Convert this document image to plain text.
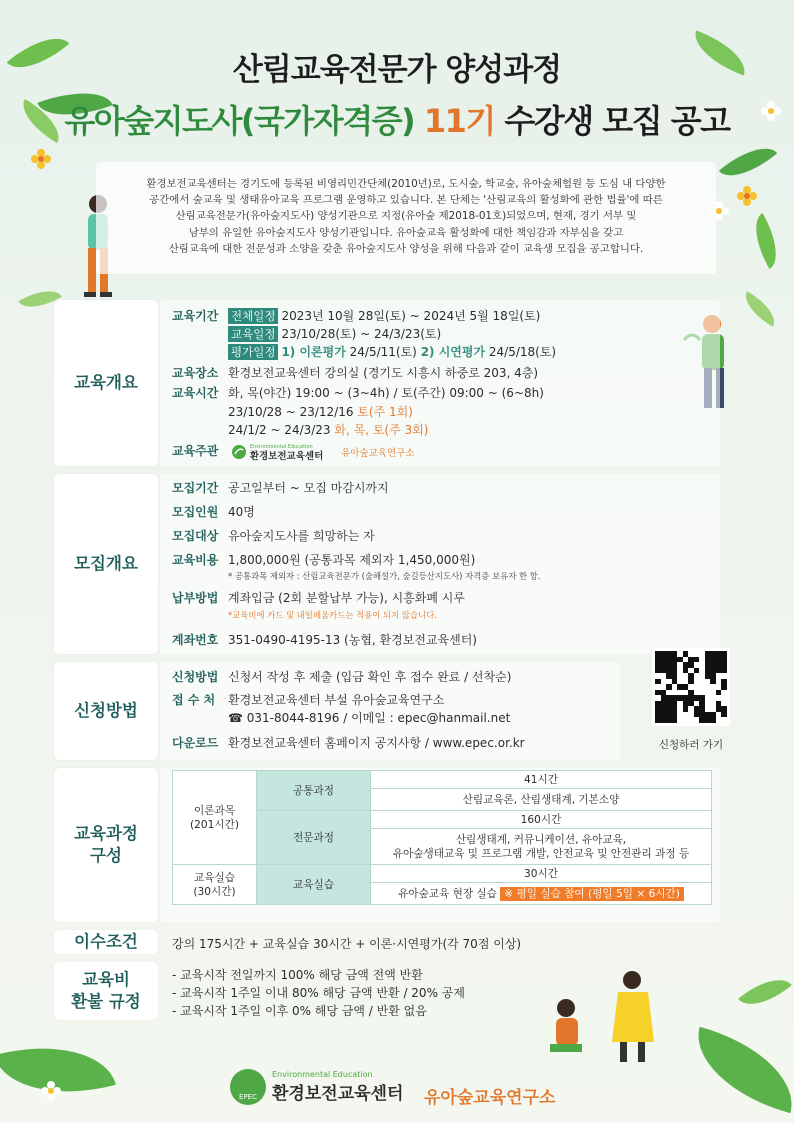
산림교육전문가 양성과정
유아숲지도사(국가자격증) 11기 수강생 모집 공고
환경보전교육센터는 경기도에 등록된 비영리민간단체(2010년)로, 도시숲, 학교숲, 유아숲체험원 등 도심 내 다양한
공간에서 숲교육 및 생태유아교육 프로그램 운영하고 있습니다. 본 단체는 '산림교육의 활성화에 관한 법률'에 따른
산림교육전문가(유아숲지도사) 양성기관으로 지정(유아숲 제2018-01호)되었으며, 현재, 경기 서부 및
남부의 유일한 유아숲지도사 양성기관입니다. 유아숲교육 활성화에 대한 책임감과 자부심을 갖고
산림교육에 대한 전문성과 소양을 갖춘 유아숲지도사 양성을 위해 다음과 같이 교육생 모집을 공고합니다.
교육개요
교육기간 전체일정 2023년 10월 28일(토) ~ 2024년 5월 18일(토)
교육일정 23/10/28(토) ~ 24/3/23(토)
평가일정 1) 이론평가 24/5/11(토) 2) 시연평가 24/5/18(토)
교육장소 환경보전교육센터 강의실 (경기도 시흥시 하중로 203, 4층)
교육시간 화, 목(야간) 19:00 ~ (3~4h) / 토(주간) 09:00 ~ (6~8h)
23/10/28 ~ 23/12/16 토(주 1회)
24/1/2 ~ 24/3/23 화, 목, 토(주 3회)
교육주관	Environmental Education
환경보전교육센터 유아숲교육연구소
모집개요
모집기간 공고일부터 ~ 모집 마감시까지
모집인원 40명
모집대상 유아숲지도사를 희망하는 자
교육비용 1,800,000원 (공통과목 제외자 1,450,000원)
* 공통과목 제외자 : 산림교육전문가 (숲해설가, 숲길등산지도사) 자격증 보유자 한 함.
납부방법 계좌입금 (2회 분할납부 가능), 시흥화폐 시루
*교육비에 카드 및 내일배움카드는 적용이 되지 않습니다.
계좌번호 351-0490-4195-13 (농협, 환경보전교육센터)
신청방법
신청방법 신청서 작성 후 제출 (입금 확인 후 접수 완료 / 선착순)
접 수 처 환경보전교육센터 부설 유아숲교육연구소
☎ 031-8044-8196 / 이메일 : epec@hanmail.net
다운로드 환경보전교육센터 홈페이지 공지사항 / www.epec.or.kr	신청하러 가기
교육과정
구성
이론과목
(201시간)	공통과정	41시간
		산림교육론, 산림생태계, 기본소양
	전문과정	160시간

		산림생태계, 커뮤니케이션, 유아교육,
유아숲생태교육 및 프로그램 개발, 안전교육 및 안전관리 과정 등

교육실습
(30시간)	교육실습	30시간
		유아숲교육 현장 실습 ※ 평일 실습 참여 (평일 5일 × 6시간)
이수조건	강의 175시간 + 교육실습 30시간 + 이론·시연평가(각 70점 이상)
교육비
환불 규정
- 교육시작 전일까지 100% 해당 금액 전액 반환
- 교육시작 1주일 이내 80% 해당 금액 반환 / 20% 공제
- 교육시작 1주일 이후 0% 해당 금액 / 반환 없음
EPEC
Environmental Education
환경보전교육센터 유아숲교육연구소
